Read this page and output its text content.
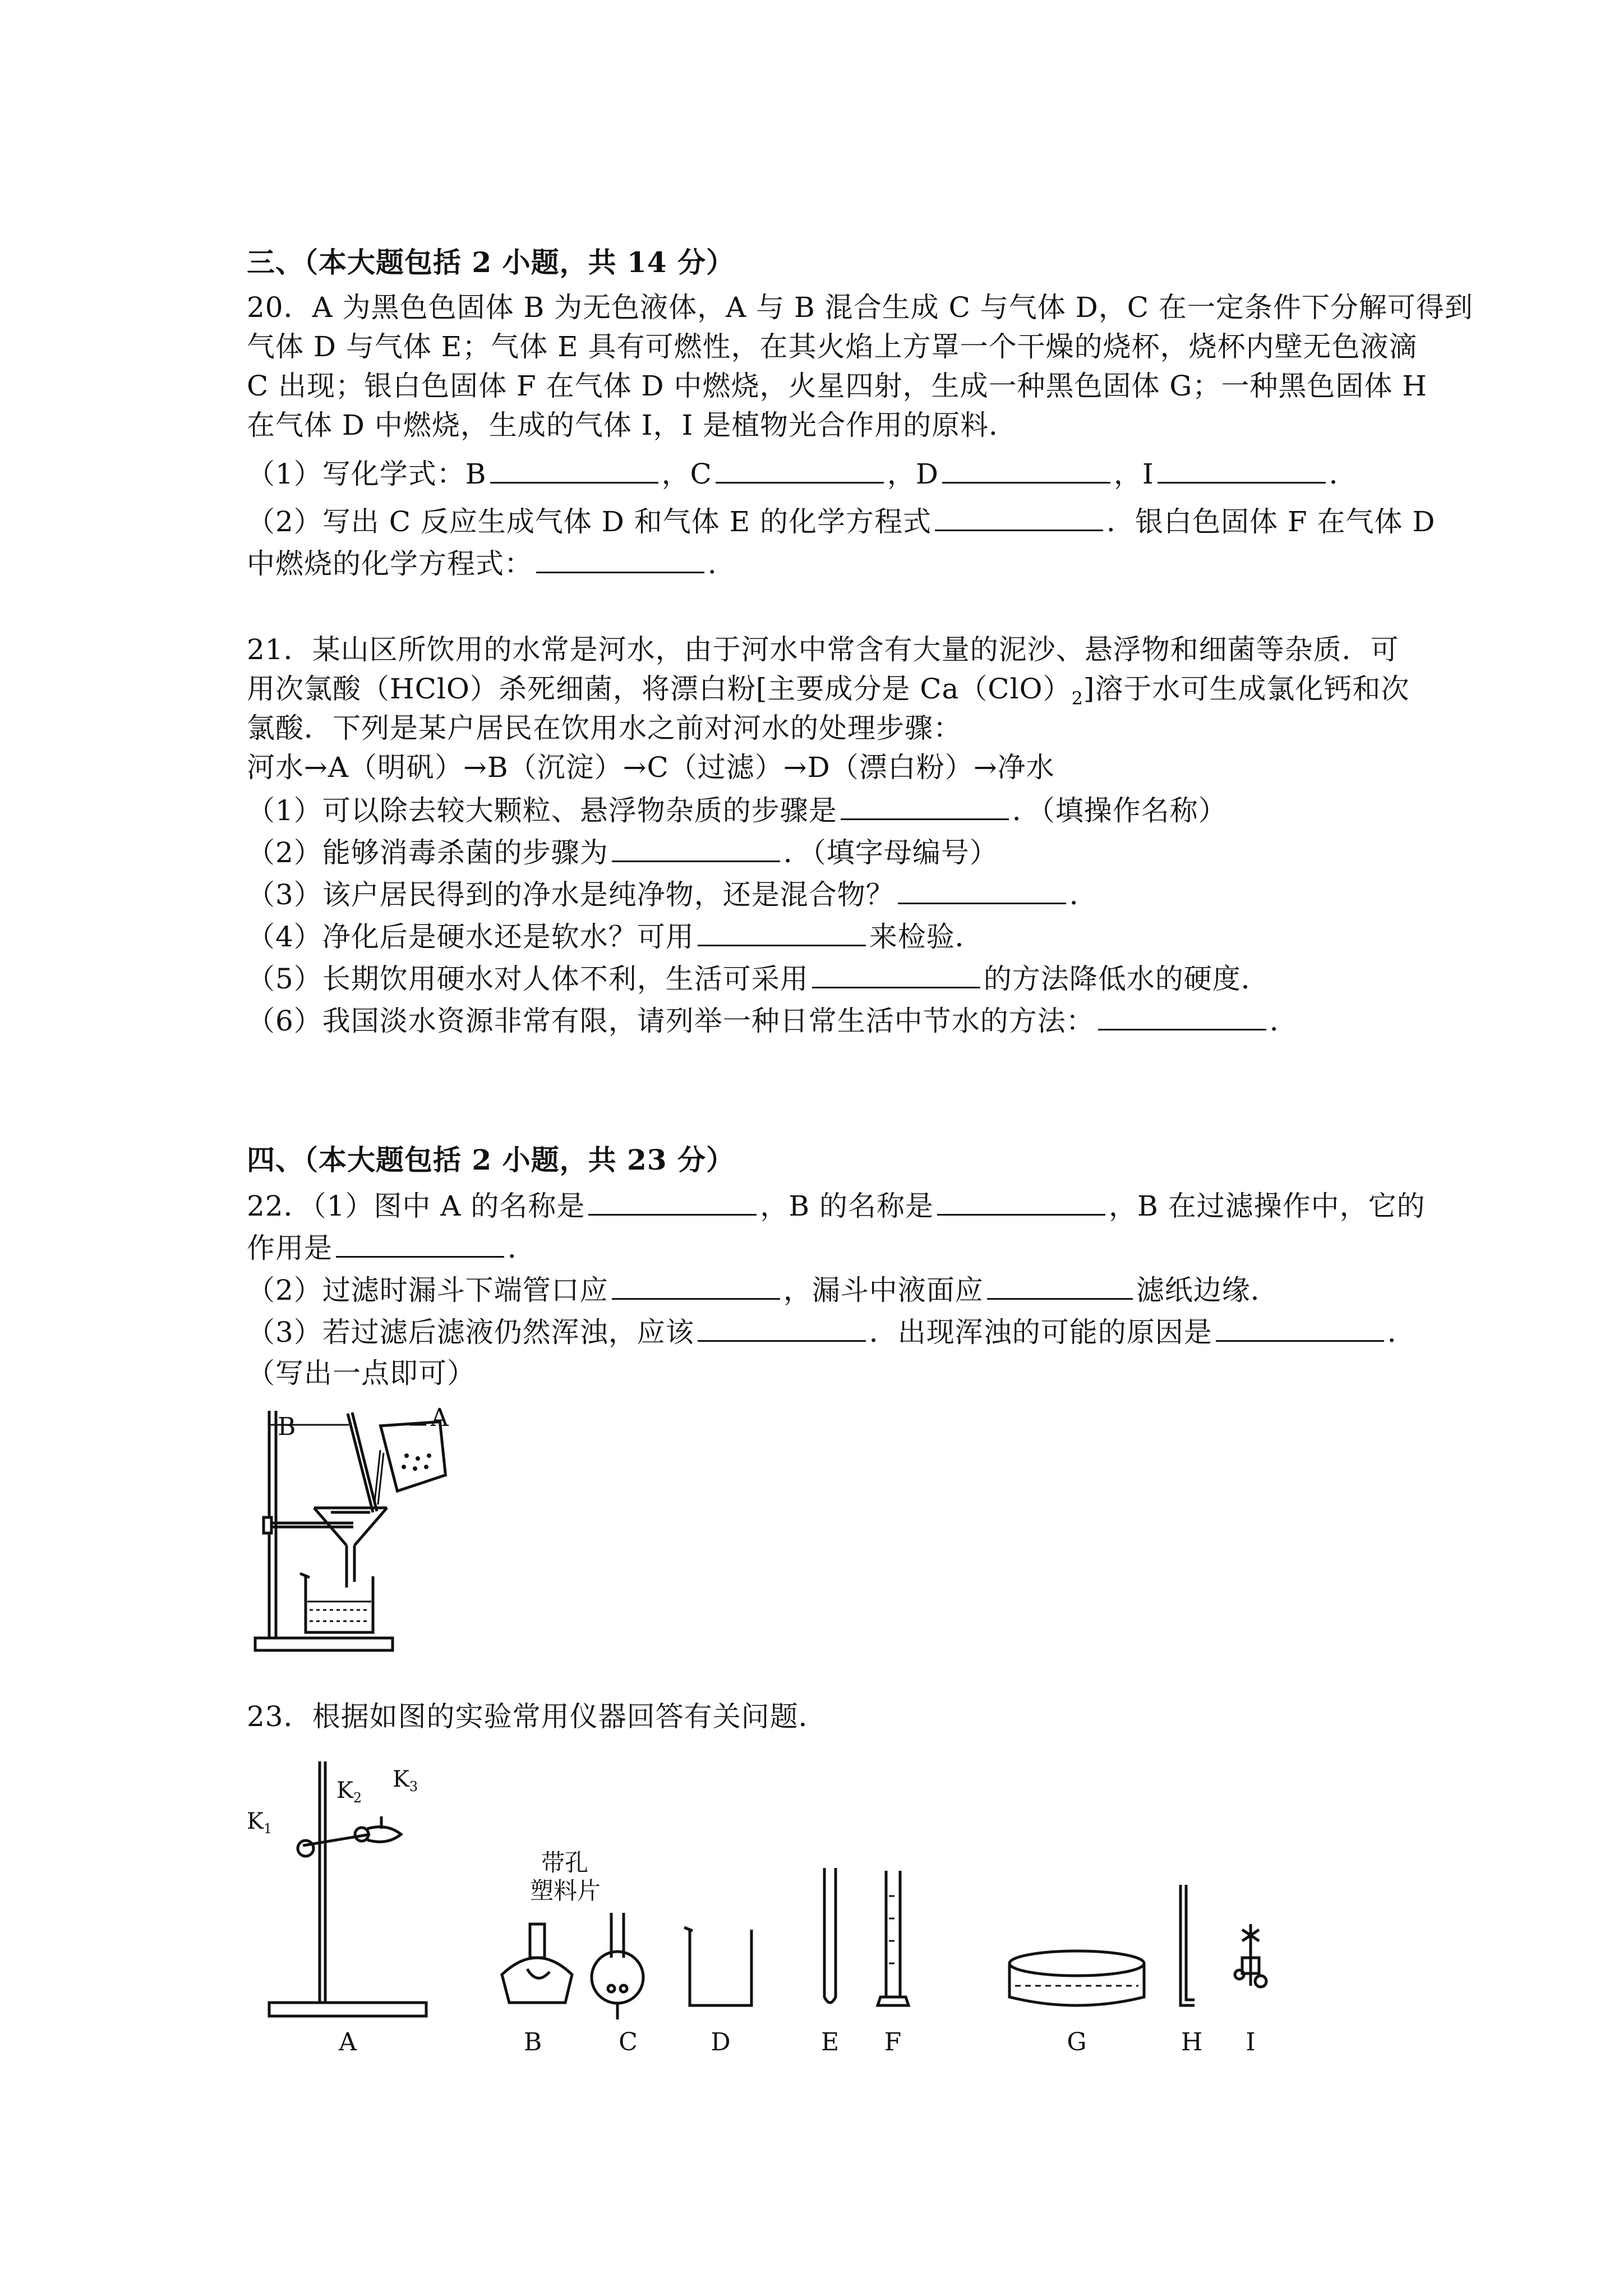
三、（本大题包括 2 小题，共 14 分）
20．A 为黑色色固体 B 为无色液体，A 与 B 混合生成 C 与气体 D，C 在一定条件下分解可得到
气体 D 与气体 E；气体 E 具有可燃性，在其火焰上方罩一个干燥的烧杯，烧杯内壁无色液滴
C 出现；银白色固体 F 在气体 D 中燃烧，火星四射，生成一种黑色固体 G；一种黑色固体 H
在气体 D 中燃烧，生成的气体 I，I 是植物光合作用的原料．
（1）写化学式：B	，C	，D	，I	．
（2）写出 C 反应生成气体 D 和气体 E 的化学方程式	．银白色固体 F 在气体 D
中燃烧的化学方程式：	．
21．某山区所饮用的水常是河水，由于河水中常含有大量的泥沙、悬浮物和细菌等杂质．可
用次氯酸（HClO）杀死细菌，将漂白粉[主要成分是 $Ca(ClO)_2$]溶于水可生成氯化钙和次
氯酸．下列是某户居民在饮用水之前对河水的处理步骤：
河水→A（明矾）→B（沉淀）→C（过滤）→D（漂白粉）→净水
（1）可以除去较大颗粒、悬浮物杂质的步骤是	．（填操作名称）
（2）能够消毒杀菌的步骤为	．（填字母编号）
（3）该户居民得到的净水是纯净物，还是混合物？	．
（4）净化后是硬水还是软水？可用	来检验．
（5）长期饮用硬水对人体不利，生活可采用	的方法降低水的硬度．
（6）我国淡水资源非常有限，请列举一种日常生活中节水的方法：	．
四、（本大题包括 2 小题，共 23 分）
22．（1）图中 A 的名称是	，B 的名称是	，B 在过滤操作中，它的
作用是	．
（2）过滤时漏斗下端管口应	，漏斗中液面应	滤纸边缘．
（3）若过滤后滤液仍然浑浊，应该	．出现浑浊的可能的原因是	．
（写出一点即可）
B	A
23．根据如图的实验常用仪器回答有关问题．
$K_1$
$K_2$
$K_3$
带孔
塑料片
A	B	C	D	E F	G	H I
